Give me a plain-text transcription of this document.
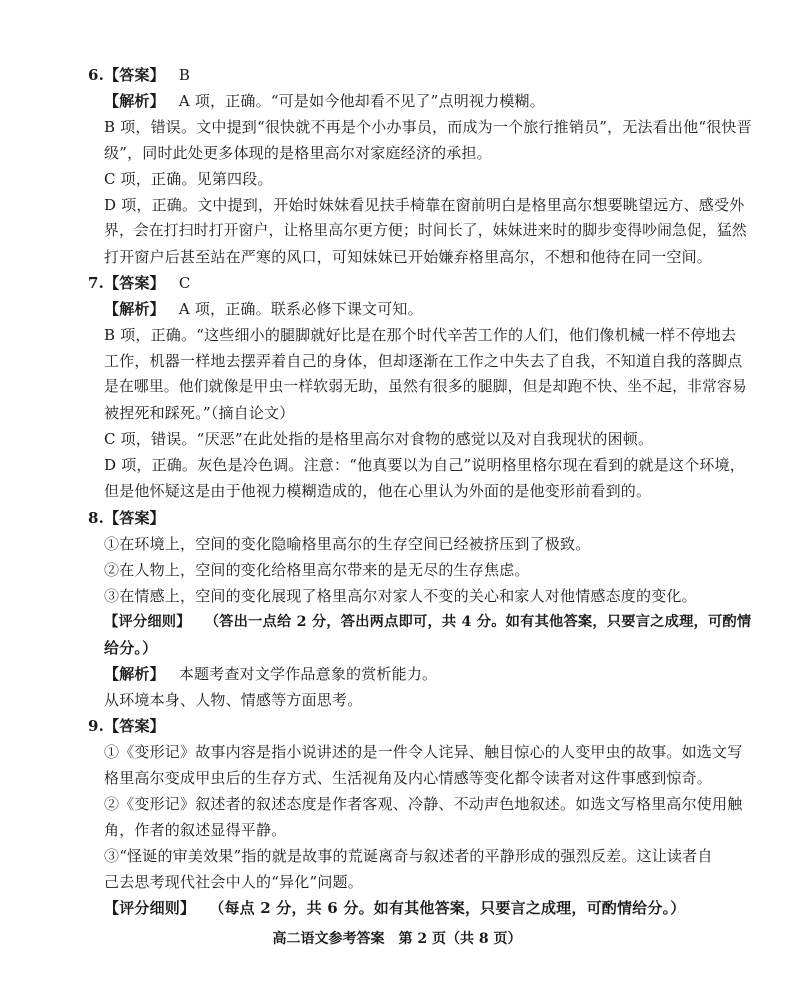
6.【答案】 B
【解析】 A 项，正确。“可是如今他却看不见了”点明视力模糊。
B 项，错误。文中提到“很快就不再是个小办事员，而成为一个旅行推销员”，无法看出他“很快晋
级”，同时此处更多体现的是格里高尔对家庭经济的承担。
C 项，正确。见第四段。
D 项，正确。文中提到，开始时妹妹看见扶手椅靠在窗前明白是格里高尔想要眺望远方、感受外
界，会在打扫时打开窗户，让格里高尔更方便；时间长了，妹妹进来时的脚步变得吵闹急促，猛然
打开窗户后甚至站在严寒的风口，可知妹妹已开始嫌弃格里高尔，不想和他待在同一空间。
7.【答案】 C
【解析】 A 项，正确。联系必修下课文可知。
B 项，正确。“这些细小的腿脚就好比是在那个时代辛苦工作的人们，他们像机械一样不停地去
工作，机器一样地去摆弄着自己的身体，但却逐渐在工作之中失去了自我，不知道自我的落脚点
是在哪里。他们就像是甲虫一样软弱无助，虽然有很多的腿脚，但是却跑不快、坐不起，非常容易
被捏死和踩死。”（摘自论文）
C 项，错误。“厌恶”在此处指的是格里高尔对食物的感觉以及对自我现状的困顿。
D 项，正确。灰色是冷色调。注意：“他真要以为自己”说明格里格尔现在看到的就是这个环境，
但是他怀疑这是由于他视力模糊造成的，他在心里认为外面的是他变形前看到的。
8.【答案】
①在环境上，空间的变化隐喻格里高尔的生存空间已经被挤压到了极致。
②在人物上，空间的变化给格里高尔带来的是无尽的生存焦虑。
③在情感上，空间的变化展现了格里高尔对家人不变的关心和家人对他情感态度的变化。
【评分细则】 （答出一点给 2 分，答出两点即可，共 4 分。如有其他答案，只要言之成理，可酌情
给分。）
【解析】 本题考查对文学作品意象的赏析能力。
从环境本身、人物、情感等方面思考。
9.【答案】
①《变形记》故事内容是指小说讲述的是一件令人诧异、触目惊心的人变甲虫的故事。如选文写
格里高尔变成甲虫后的生存方式、生活视角及内心情感等变化都令读者对这件事感到惊奇。
②《变形记》叙述者的叙述态度是作者客观、冷静、不动声色地叙述。如选文写格里高尔使用触
角，作者的叙述显得平静。
③“怪诞的审美效果”指的就是故事的荒诞离奇与叙述者的平静形成的强烈反差。这让读者自
己去思考现代社会中人的“异化”问题。
【评分细则】 （每点 2 分，共 6 分。如有其他答案，只要言之成理，可酌情给分。）
高二语文参考答案　第 2 页（共 8 页）
